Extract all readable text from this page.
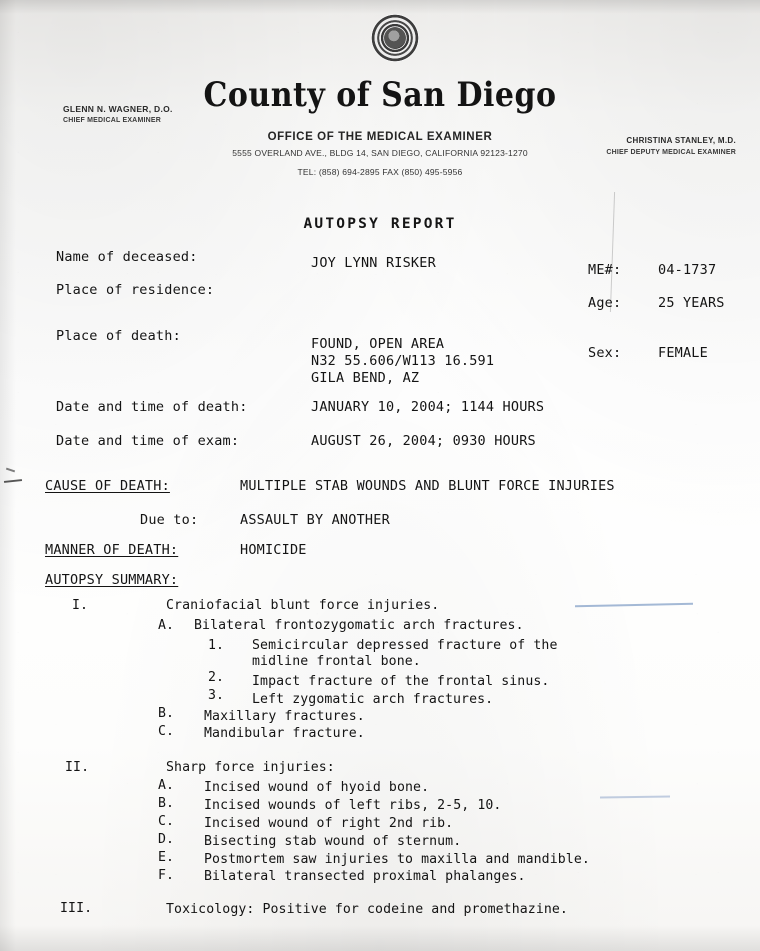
GLENN N. WAGNER, D.O.
CHIEF MEDICAL EXAMINER
County of San Diego
OFFICE OF THE MEDICAL EXAMINER
5555 OVERLAND AVE., BLDG 14, SAN DIEGO, CALIFORNIA 92123-1270
TEL: (858) 694-2895 FAX (850) 495-5956
CHRISTINA STANLEY, M.D.
CHIEF DEPUTY MEDICAL EXAMINER
AUTOPSY REPORT
Name of deceased:	JOY LYNN RISKER
Place of residence:
ME#:	04-1737
Age:	25 YEARS
Place of death:	FOUND, OPEN AREA
N32 55.606/W113 16.591
GILA BEND, AZ
Sex:	FEMALE
Date and time of death:	JANUARY 10, 2004; 1144 HOURS
Date and time of exam:	AUGUST 26, 2004; 0930 HOURS
CAUSE OF DEATH:	MULTIPLE STAB WOUNDS AND BLUNT FORCE INJURIES
Due to:	ASSAULT BY ANOTHER
MANNER OF DEATH:	HOMICIDE
AUTOPSY SUMMARY:
I.	Craniofacial blunt force injuries.
A. Bilateral frontozygomatic arch fractures.
1. Semicircular depressed fracture of the
midline frontal bone.
2. Impact fracture of the frontal sinus.
3. Left zygomatic arch fractures.
B. Maxillary fractures.
C. Mandibular fracture.
II.	Sharp force injuries:
A. Incised wound of hyoid bone.
B. Incised wounds of left ribs, 2-5, 10.
C. Incised wound of right 2nd rib.
D. Bisecting stab wound of sternum.
E. Postmortem saw injuries to maxilla and mandible.
F. Bilateral transected proximal phalanges.
III.	Toxicology: Positive for codeine and promethazine.
